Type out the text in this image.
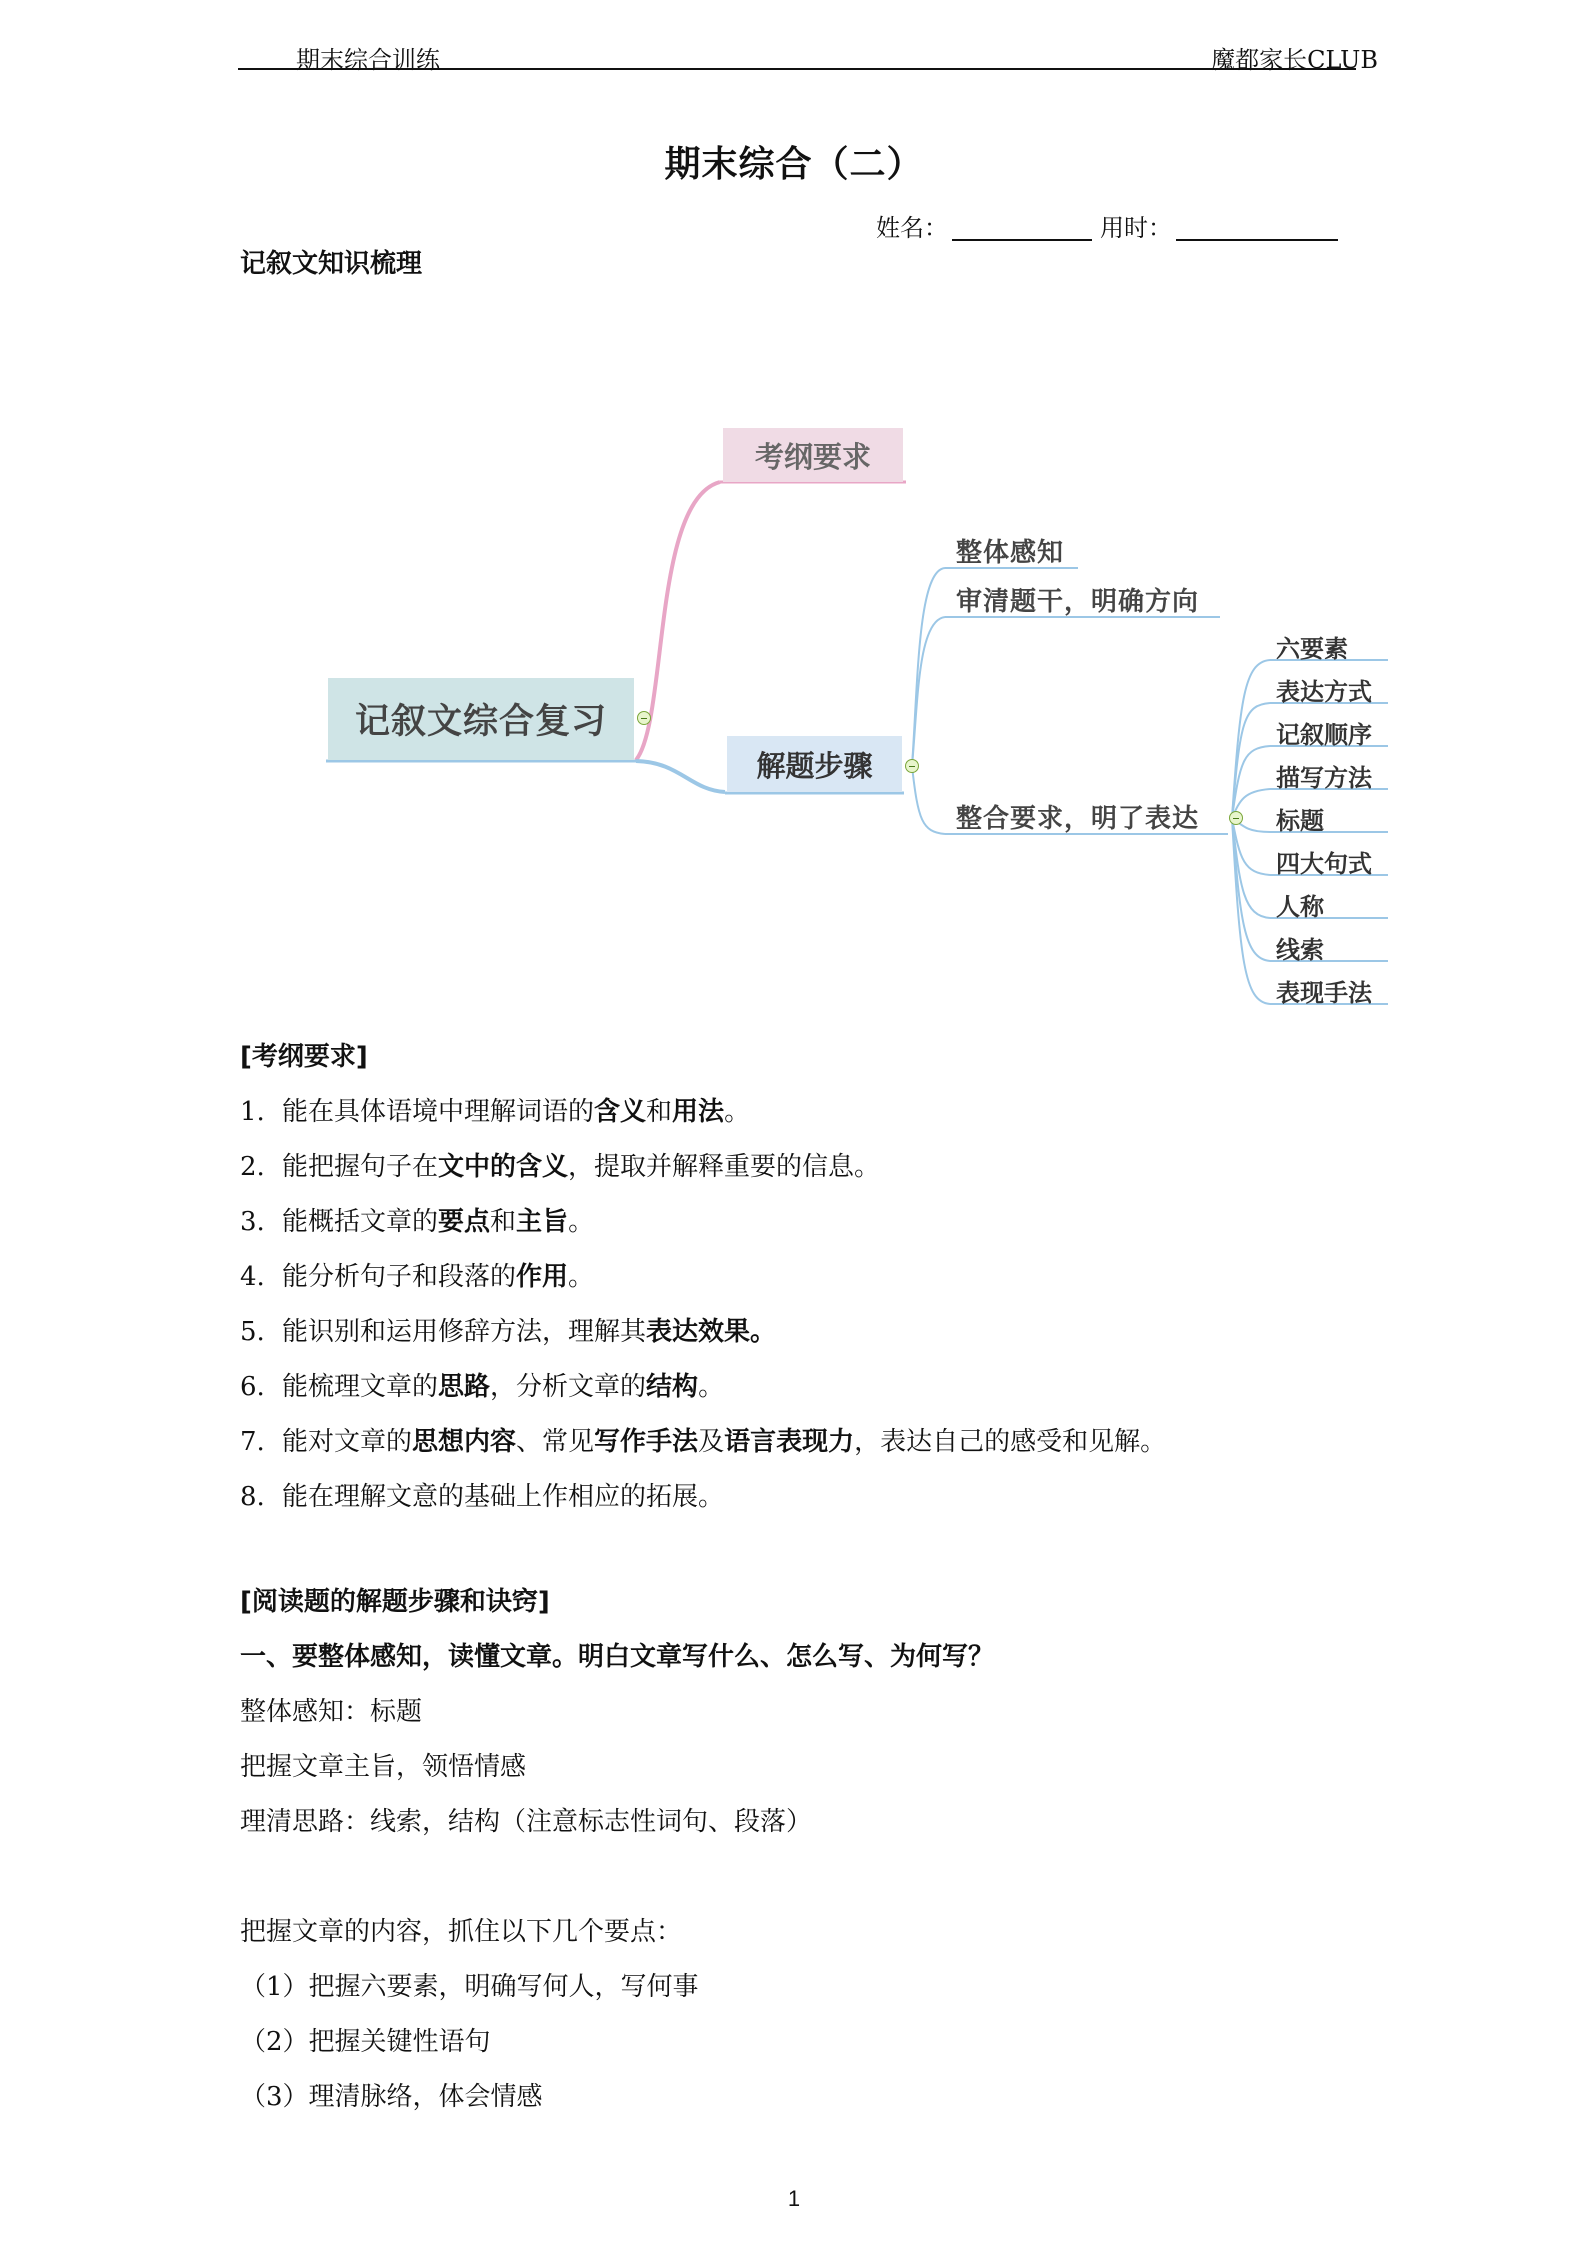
期末综合训练	魔都家长CLUB
期末综合（二）
姓名：	用时：
记叙文知识梳理
记叙文综合复习
考纲要求
解题步骤
整体感知
审清题干，明确方向
整合要求，明了表达
六要素
表达方式
记叙顺序
描写方法
标题
四大句式
人称
线索
表现手法
[考纲要求]
1. 能在具体语境中理解词语的含义和用法。
2. 能把握句子在文中的含义，提取并解释重要的信息。
3. 能概括文章的要点和主旨。
4. 能分析句子和段落的作用。
5. 能识别和运用修辞方法，理解其表达效果。
6. 能梳理文章的思路，分析文章的结构。
7. 能对文章的思想内容、常见写作手法及语言表现力，表达自己的感受和见解。
8. 能在理解文意的基础上作相应的拓展。
[阅读题的解题步骤和诀窍]
一、要整体感知，读懂文章。明白文章写什么、怎么写、为何写？
整体感知：标题
把握文章主旨，领悟情感
理清思路：线索，结构（注意标志性词句、段落）
把握文章的内容，抓住以下几个要点：
（1）把握六要素，明确写何人，写何事
（2）把握关键性语句
（3）理清脉络，体会情感
1
